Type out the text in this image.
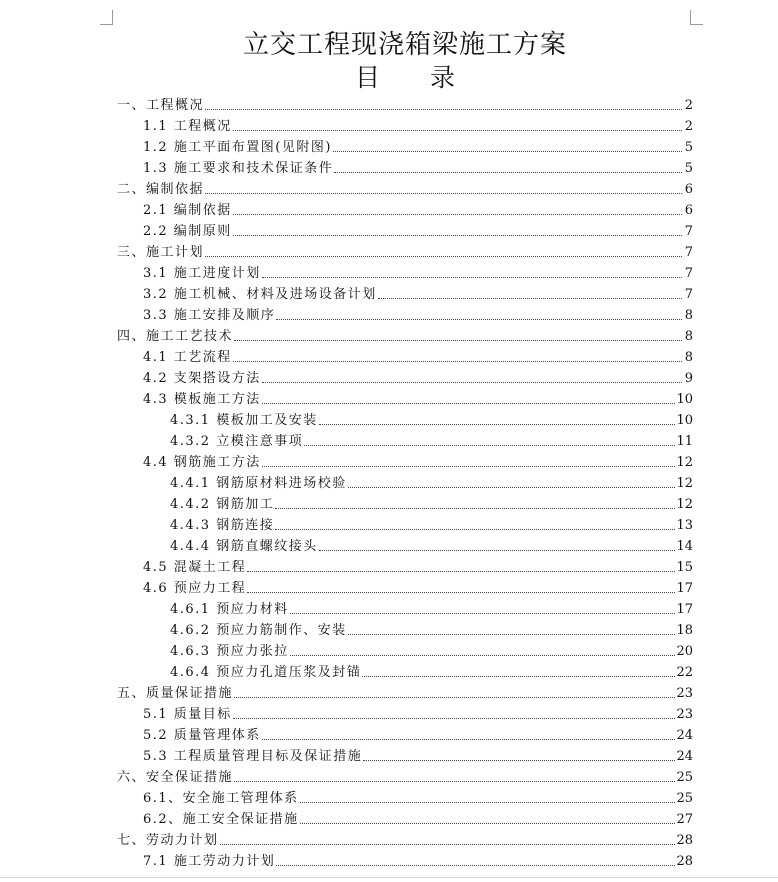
立交工程现浇箱梁施工方案
目　　录
一、工程概况	2
1.1 工程概况	2
1.2 施工平面布置图(见附图)	5
1.3 施工要求和技术保证条件	5
二、编制依据	6
2.1 编制依据	6
2.2 编制原则	7
三、施工计划	7
3.1 施工进度计划	7
3.2 施工机械、材料及进场设备计划	7
3.3 施工安排及顺序	8
四、施工工艺技术	8
4.1 工艺流程	8
4.2 支架搭设方法	9
4.3 模板施工方法	10
4.3.1 模板加工及安装	10
4.3.2 立模注意事项	11
4.4 钢筋施工方法	12
4.4.1 钢筋原材料进场校验	12
4.4.2 钢筋加工	12
4.4.3 钢筋连接	13
4.4.4 钢筋直螺纹接头	14
4.5 混凝土工程	15
4.6 预应力工程	17
4.6.1 预应力材料	17
4.6.2 预应力筋制作、安装	18
4.6.3 预应力张拉	20
4.6.4 预应力孔道压浆及封锚	22
五、质量保证措施	23
5.1 质量目标	23
5.2 质量管理体系	24
5.3 工程质量管理目标及保证措施	24
六、安全保证措施	25
6.1、安全施工管理体系	25
6.2、施工安全保证措施	27
七、劳动力计划	28
7.1 施工劳动力计划	28
